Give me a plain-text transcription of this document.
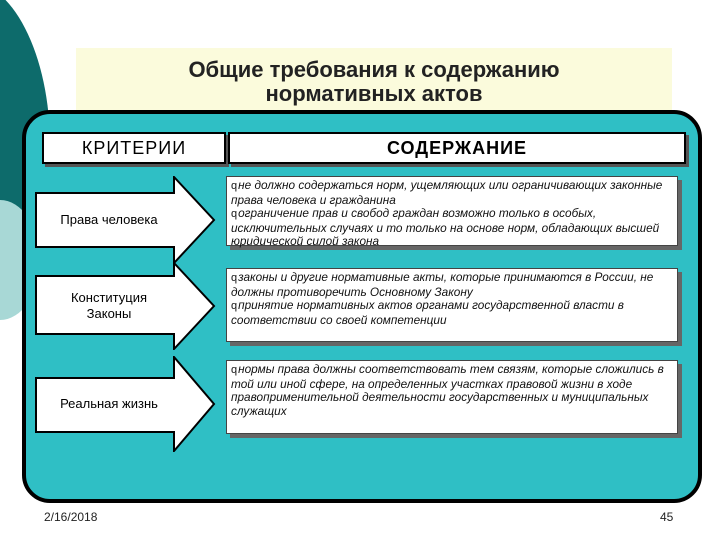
Общие требования к содержанию
нормативных актов
КРИТЕРИИ	СОДЕРЖАНИЕ
Права человека

qне должно содержаться норм, ущемляющих или ограничивающих законные права человека и гражданина

qограничение прав и свобод граждан возможно только в особых, исключительных случаях и то только на основе норм, обладающих высшей юридической силой закона

Конституция
Законы

qзаконы и другие нормативные акты, которые принимаются в России, не должны противоречить Основному Закону

qпринятие нормативных актов органами государственной власти в соответствии со своей компетенции

Реальная жизнь

qнормы права должны соответствовать тем связям, которые сложились в той или иной сфере, на определенных участках правовой жизни в ходе правоприменительной деятельности государственных и муниципальных служащих

2/16/2018	45
